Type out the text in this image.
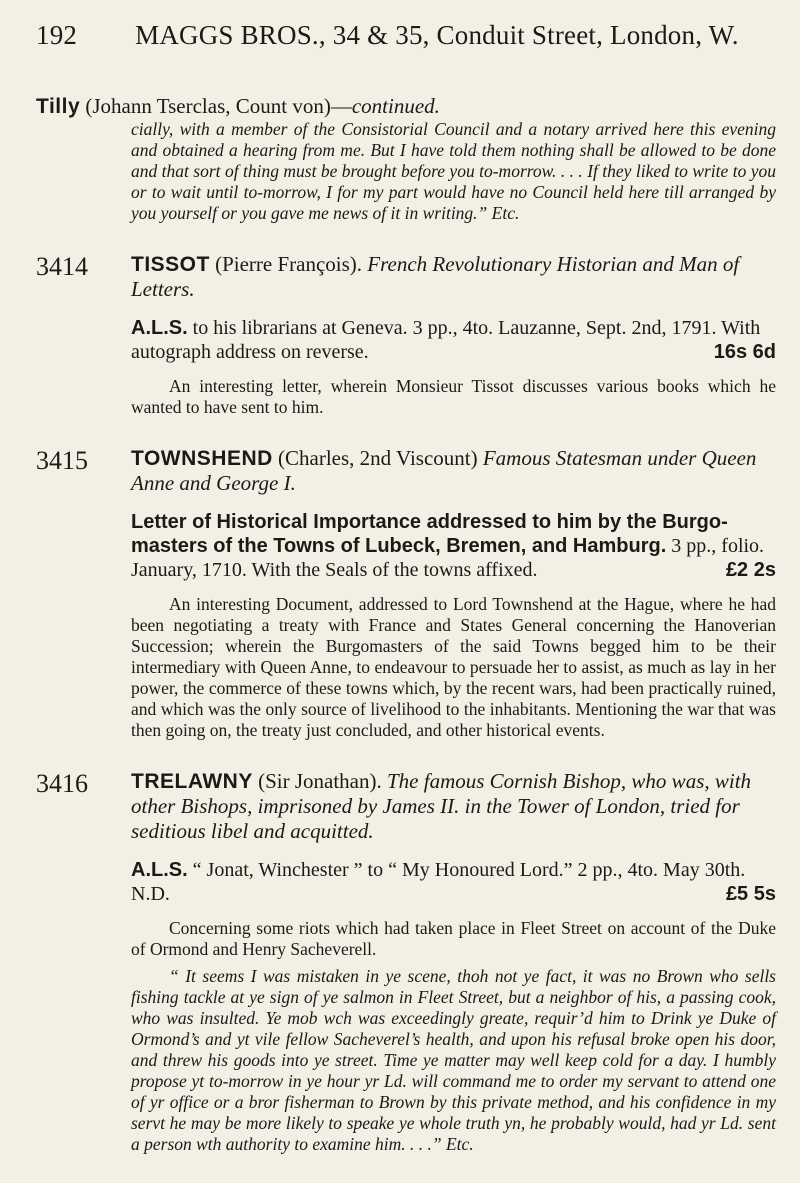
192 MAGGS BROS., 34 & 35, Conduit Street, London, W.
Tilly (Johann Tserclas, Count von)—continued.
cially, with a member of the Consistorial Council and a notary arrived here this evening and obtained a hearing from me. But I have told them nothing shall be allowed to be done and that sort of thing must be brought before you to-morrow. . . . If they liked to write to you or to wait until to-morrow, I for my part would have no Council held here till arranged by you yourself or you gave me news of it in writing.” Etc.
3414 TISSOT (Pierre François). French Revolutionary Historian and Man of Letters.
A.L.S. to his librarians at Geneva. 3 pp., 4to. Lauzanne, Sept. 2nd, 1791. With autograph address on reverse.	16s 6d
An interesting letter, wherein Monsieur Tissot discusses various books which he wanted to have sent to him.
3415 TOWNSHEND (Charles, 2nd Viscount) Famous Statesman under Queen Anne and George I.
Letter of Historical Importance addressed to him by the Burgo-masters of the Towns of Lubeck, Bremen, and Hamburg. 3 pp., folio. January, 1710. With the Seals of the towns affixed.	£2 2s
An interesting Document, addressed to Lord Townshend at the Hague, where he had been negotiating a treaty with France and States General concerning the Hanoverian Succession; wherein the Burgomasters of the said Towns begged him to be their intermediary with Queen Anne, to endeavour to persuade her to assist, as much as lay in her power, the commerce of these towns which, by the recent wars, had been practically ruined, and which was the only source of livelihood to the inhabitants. Mentioning the war that was then going on, the treaty just concluded, and other historical events.
3416 TRELAWNY (Sir Jonathan). The famous Cornish Bishop, who was, with other Bishops, imprisoned by James II. in the Tower of London, tried for seditious libel and acquitted.
A.L.S. “ Jonat, Winchester ” to “ My Honoured Lord.” 2 pp., 4to. May 30th. N.D.	£5 5s
Concerning some riots which had taken place in Fleet Street on account of the Duke of Ormond and Henry Sacheverell.
“ It seems I was mistaken in ye scene, thoh not ye fact, it was no Brown who sells fishing tackle at ye sign of ye salmon in Fleet Street, but a neighbor of his, a passing cook, who was insulted. Ye mob wch was exceedingly greate, requir’d him to Drink ye Duke of Ormond’s and yt vile fellow Sacheverel’s health, and upon his refusal broke open his door, and threw his goods into ye street. Time ye matter may well keep cold for a day. I humbly propose yt to-morrow in ye hour yr Ld. will command me to order my servant to attend one of yr office or a bror fisherman to Brown by this private method, and his confidence in my servt he may be more likely to speake ye whole truth yn, he probably would, had yr Ld. sent a person wth authority to examine him. . . .” Etc.
